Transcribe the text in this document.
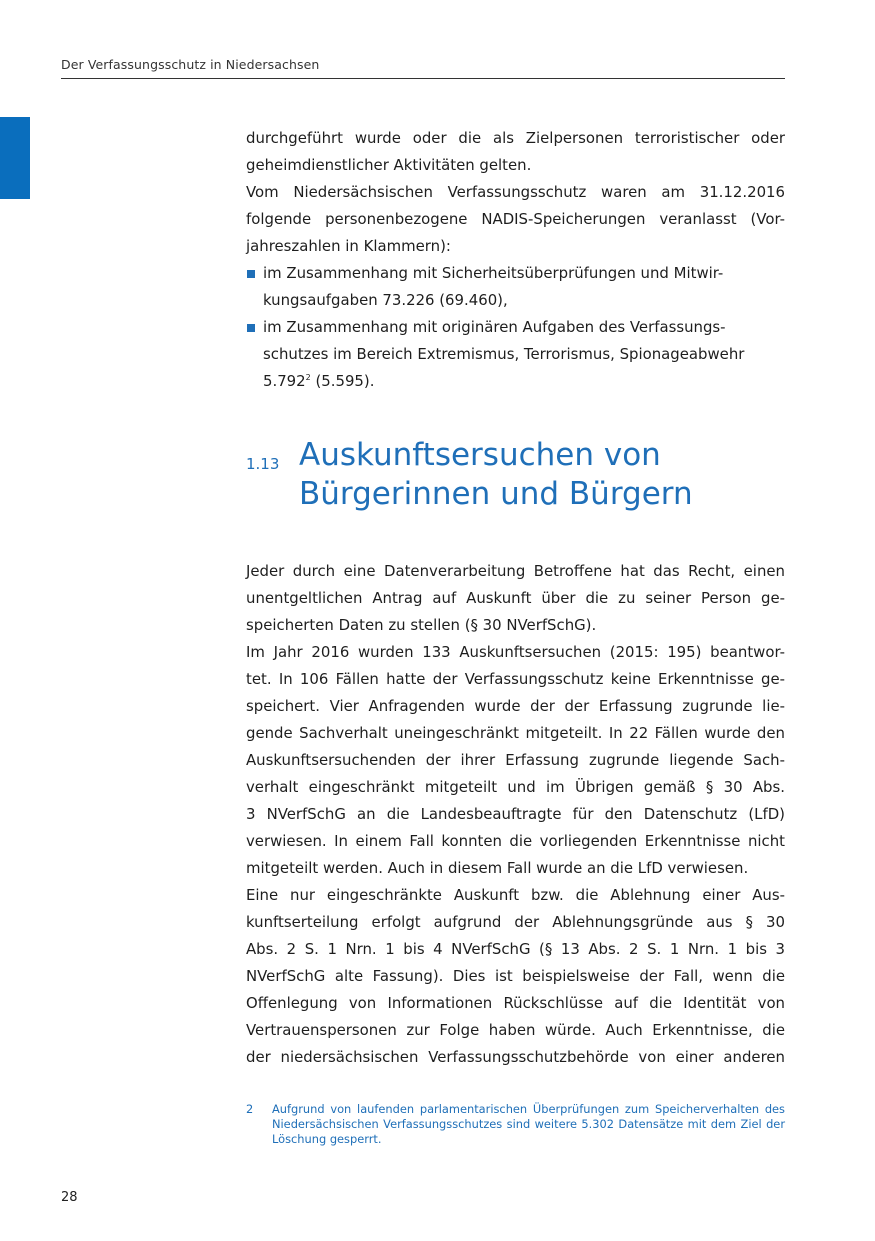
Der Verfassungsschutz in Niedersachsen

durchgeführt wurde oder die als Zielpersonen terroristischer oder
geheimdienstlicher Aktivitäten gelten.

Vom Niedersächsischen Verfassungsschutz waren am 31.12.2016
folgende personenbezogene NADIS-Speicherungen veranlasst (Vor-
jahreszahlen in Klammern):

im Zusammenhang mit Sicherheitsüberprüfungen und Mitwir-
kungsaufgaben 73.226 (69.460),
im Zusammenhang mit originären Aufgaben des Verfassungs-
schutzes im Bereich Extremismus, Terrorismus, Spionageabwehr
5.792$^2$ (5.595).
1.13 Auskunftsersuchen von
Bürgerinnen und Bürgern

Jeder durch eine Datenverarbeitung Betroffene hat das Recht, einen
unentgeltlichen Antrag auf Auskunft über die zu seiner Person ge-
speicherten Daten zu stellen (§ 30 NVerfSchG).

Im Jahr 2016 wurden 133 Auskunftsersuchen (2015: 195) beantwor-
tet. In 106 Fällen hatte der Verfassungsschutz keine Erkenntnisse ge-
speichert. Vier Anfragenden wurde der der Erfassung zugrunde lie-
gende Sachverhalt uneingeschränkt mitgeteilt. In 22 Fällen wurde den
Auskunftsersuchenden der ihrer Erfassung zugrunde liegende Sach-
verhalt eingeschränkt mitgeteilt und im Übrigen gemäß § 30 Abs.
3 NVerfSchG an die Landesbeauftragte für den Datenschutz (LfD)
verwiesen. In einem Fall konnten die vorliegenden Erkenntnisse nicht
mitgeteilt werden. Auch in diesem Fall wurde an die LfD verwiesen.

Eine nur eingeschränkte Auskunft bzw. die Ablehnung einer Aus-
kunftserteilung erfolgt aufgrund der Ablehnungsgründe aus § 30
Abs. 2 S. 1 Nrn. 1 bis 4 NVerfSchG (§ 13 Abs. 2 S. 1 Nrn. 1 bis 3
NVerfSchG alte Fassung). Dies ist beispielsweise der Fall, wenn die
Offenlegung von Informationen Rückschlüsse auf die Identität von
Vertrauenspersonen zur Folge haben würde. Auch Erkenntnisse, die
der niedersächsischen Verfassungsschutzbehörde von einer anderen

2 Aufgrund von laufenden parlamentarischen Überprüfungen zum Speicherverhalten des
Niedersächsischen Verfassungsschutzes sind weitere 5.302 Datensätze mit dem Ziel der
Löschung gesperrt.
28
